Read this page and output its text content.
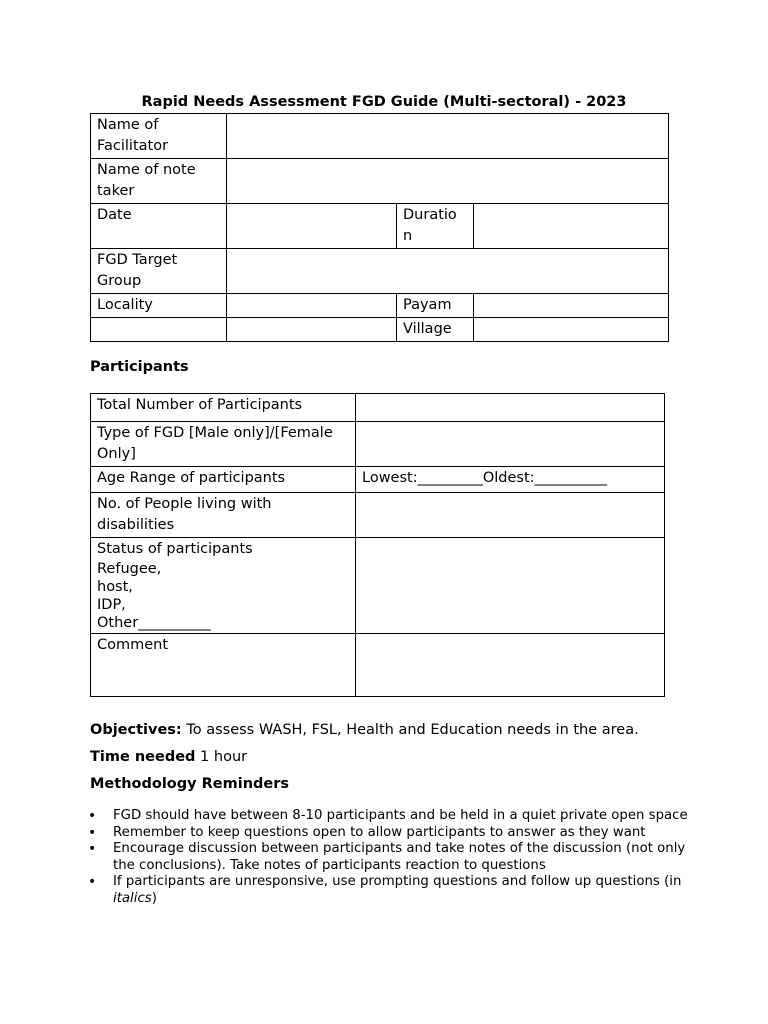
Rapid Needs Assessment FGD Guide (Multi-sectoral) - 2023
Name of Facilitator			
Name of note taker			
Date		Duratio
n	
FGD Target Group			
Locality		Payam	
		Village	
Participants
Total Number of Participants	
Type of FGD [Male only]/[Female Only]	
Age Range of participants	Lowest:_________Oldest:__________
No. of People living with disabilities	

Status of participants
Refugee,
host,
IDP,
Other__________	

Comment	
Objectives: To assess WASH, FSL, Health and Education needs in the area.
Time needed 1 hour
Methodology Reminders
• FGD should have between 8-10 participants and be held in a quiet private open space
• Remember to keep questions open to allow participants to answer as they want
• Encourage discussion between participants and take notes of the discussion (not only the conclusions). Take notes of participants reaction to questions
• If participants are unresponsive, use prompting questions and follow up questions (in italics)
